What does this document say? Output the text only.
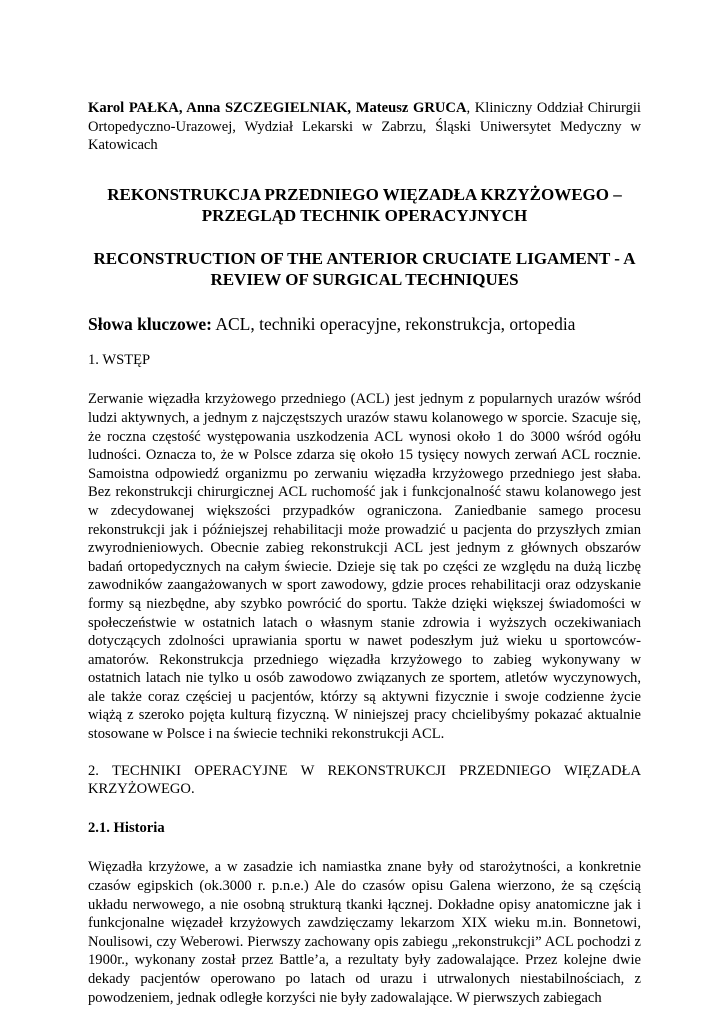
Karol PAŁKA, Anna SZCZEGIELNIAK, Mateusz GRUCA, Kliniczny Oddział Chirurgii Ortopedyczno-Urazowej, Wydział Lekarski w Zabrzu, Śląski Uniwersytet Medyczny w Katowicach

REKONSTRUKCJA PRZEDNIEGO WIĘZADŁA KRZYŻOWEGO – PRZEGLĄD TECHNIK OPERACYJNYCH
RECONSTRUCTION OF THE ANTERIOR CRUCIATE LIGAMENT - A REVIEW OF SURGICAL TECHNIQUES

Słowa kluczowe: ACL, techniki operacyjne, rekonstrukcja, ortopedia

1. WSTĘP

Zerwanie więzadła krzyżowego przedniego (ACL) jest jednym z popularnych urazów wśród ludzi aktywnych, a jednym z najczęstszych urazów stawu kolanowego w sporcie. Szacuje się, że roczna częstość występowania uszkodzenia ACL wynosi około 1 do 3000 wśród ogółu ludności. Oznacza to, że w Polsce zdarza się około 15 tysięcy nowych zerwań ACL rocznie. Samoistna odpowiedź organizmu po zerwaniu więzadła krzyżowego przedniego jest słaba. Bez rekonstrukcji chirurgicznej ACL ruchomość jak i funkcjonalność stawu kolanowego jest w zdecydowanej większości przypadków ograniczona. Zaniedbanie samego procesu rekonstrukcji jak i późniejszej rehabilitacji może prowadzić u pacjenta do przyszłych zmian zwyrodnieniowych. Obecnie zabieg rekonstrukcji ACL jest jednym z głównych obszarów badań ortopedycznych na całym świecie. Dzieje się tak po części ze względu na dużą liczbę zawodników zaangażowanych w sport zawodowy, gdzie proces rehabilitacji oraz odzyskanie formy są niezbędne, aby szybko powrócić do sportu. Także dzięki większej świadomości w społeczeństwie w ostatnich latach o własnym stanie zdrowia i wyższych oczekiwaniach dotyczących zdolności uprawiania sportu w nawet podeszłym już wieku u sportowców-amatorów. Rekonstrukcja przedniego więzadła krzyżowego to zabieg wykonywany w ostatnich latach nie tylko u osób zawodowo związanych ze sportem, atletów wyczynowych, ale także coraz częściej u pacjentów, którzy są aktywni fizycznie i swoje codzienne życie wiążą z szeroko pojęta kulturą fizyczną. W niniejszej pracy chcielibyśmy pokazać aktualnie stosowane w Polsce i na świecie techniki rekonstrukcji ACL.

2. TECHNIKI OPERACYJNE W REKONSTRUKCJI PRZEDNIEGO WIĘZADŁA KRZYŻOWEGO.

2.1. Historia

Więzadła krzyżowe, a w zasadzie ich namiastka znane były od starożytności, a konkretnie czasów egipskich (ok.3000 r. p.n.e.) Ale do czasów opisu Galena wierzono, że są częścią układu nerwowego, a nie osobną strukturą tkanki łącznej. Dokładne opisy anatomiczne jak i funkcjonalne więzadeł krzyżowych zawdzięczamy lekarzom XIX wieku m.in. Bonnetowi, Noulisowi, czy Weberowi. Pierwszy zachowany opis zabiegu „rekonstrukcji” ACL pochodzi z 1900r., wykonany został przez Battle’a, a rezultaty były zadowalające. Przez kolejne dwie dekady pacjentów operowano po latach od urazu i utrwalonych niestabilnościach, z powodzeniem, jednak odległe korzyści nie były zadowalające. W pierwszych zabiegach
